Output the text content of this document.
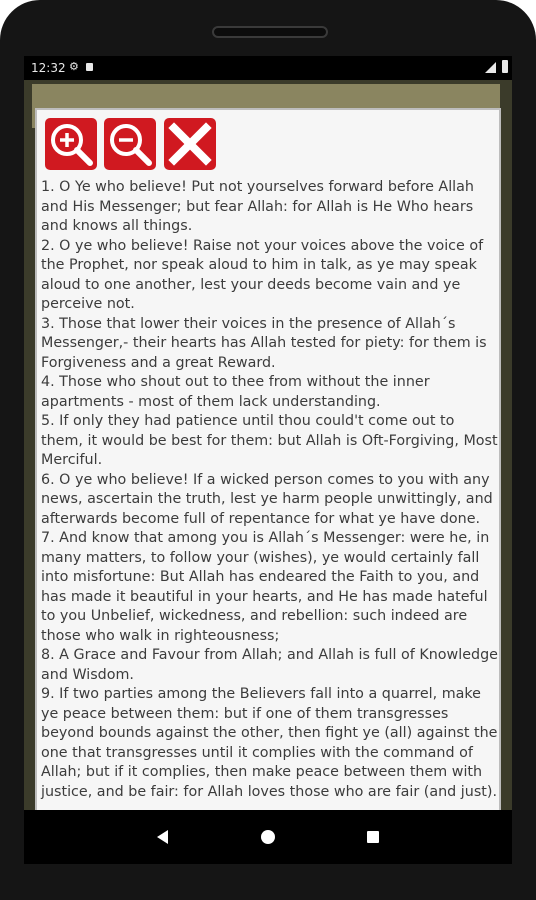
12:32 ⚙

1. O Ye who believe! Put not yourselves forward before Allah and His Messenger; but fear Allah: for Allah is He Who hears and knows all things.

2. O ye who believe! Raise not your voices above the voice of the Prophet, nor speak aloud to him in talk, as ye may speak aloud to one another, lest your deeds become vain and ye perceive not.

3. Those that lower their voices in the presence of Allah´s Messenger,- their hearts has Allah tested for piety: for them is Forgiveness and a great Reward.

4. Those who shout out to thee from without the inner apartments - most of them lack understanding.

5. If only they had patience until thou could't come out to them, it would be best for them: but Allah is Oft-Forgiving, Most Merciful.

6. O ye who believe! If a wicked person comes to you with any news, ascertain the truth, lest ye harm people unwittingly, and afterwards become full of repentance for what ye have done.

7. And know that among you is Allah´s Messenger: were he, in many matters, to follow your (wishes), ye would certainly fall into misfortune: But Allah has endeared the Faith to you, and has made it beautiful in your hearts, and He has made hateful to you Unbelief, wickedness, and rebellion: such indeed are those who walk in righteousness;

8. A Grace and Favour from Allah; and Allah is full of Knowledge and Wisdom.

9. If two parties among the Believers fall into a quarrel, make ye peace between them: but if one of them transgresses beyond bounds against the other, then fight ye (all) against the one that transgresses until it complies with the command of Allah; but if it complies, then make peace between them with justice, and be fair: for Allah loves those who are fair (and just).
